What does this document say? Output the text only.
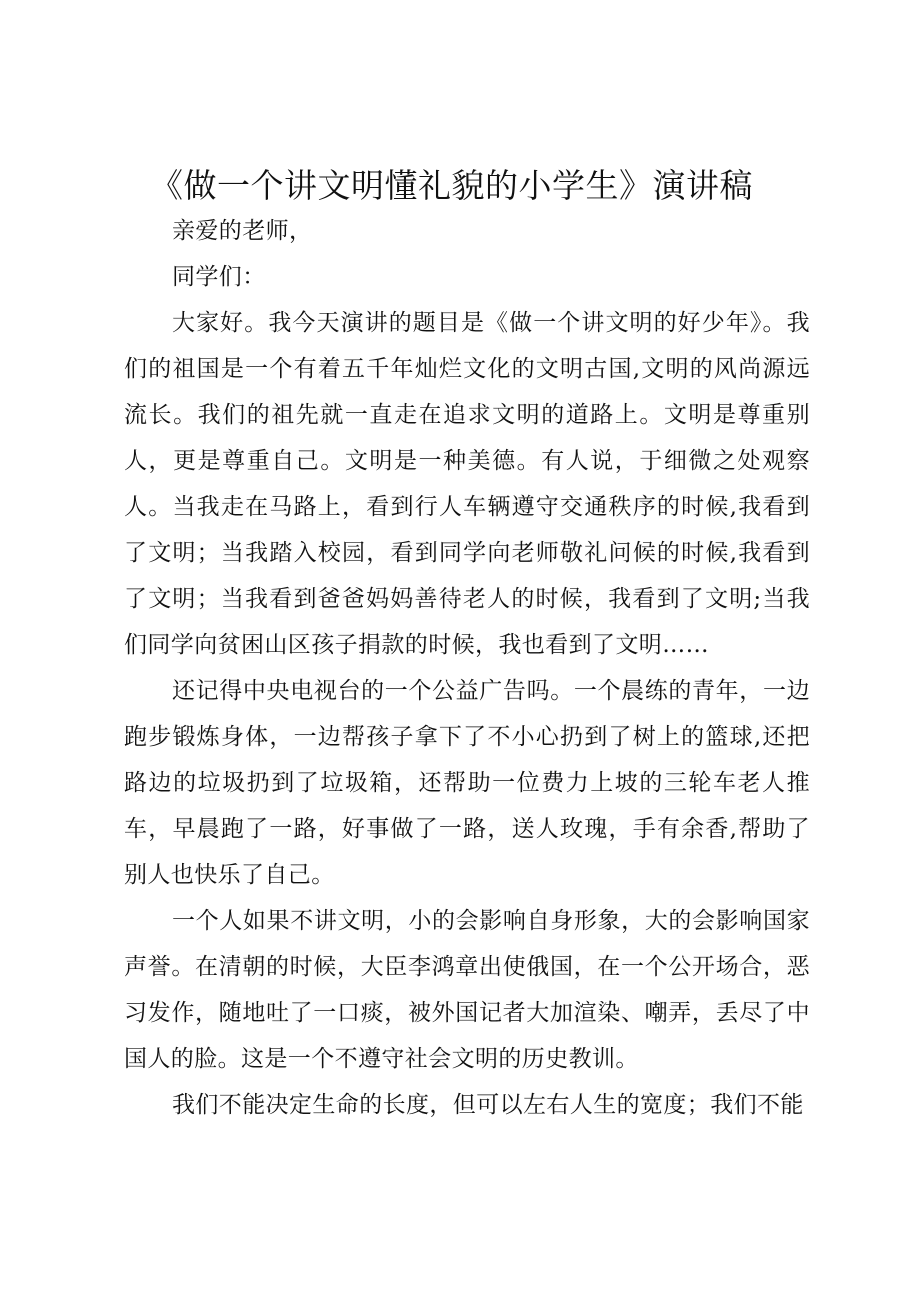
《做一个讲文明懂礼貌的小学生》演讲稿

亲爱的老师，

同学们：

大家好。我今天演讲的题目是《做一个讲文明的好少年》。我们的祖国是一个有着五千年灿烂文化的文明古国,文明的风尚源远流长。我们的祖先就一直走在追求文明的道路上。文明是尊重别人，更是尊重自己。文明是一种美德。有人说，于细微之处观察人。当我走在马路上，看到行人车辆遵守交通秩序的时候,我看到了文明；当我踏入校园，看到同学向老师敬礼问候的时候,我看到了文明；当我看到爸爸妈妈善待老人的时候，我看到了文明;当我们同学向贫困山区孩子捐款的时候，我也看到了文明……

还记得中央电视台的一个公益广告吗。一个晨练的青年，一边跑步锻炼身体，一边帮孩子拿下了不小心扔到了树上的篮球,还把路边的垃圾扔到了垃圾箱，还帮助一位费力上坡的三轮车老人推车，早晨跑了一路，好事做了一路，送人玫瑰，手有余香,帮助了别人也快乐了自己。

一个人如果不讲文明，小的会影响自身形象，大的会影响国家声誉。在清朝的时候，大臣李鸿章出使俄国，在一个公开场合，恶习发作，随地吐了一口痰，被外国记者大加渲染、嘲弄，丢尽了中国人的脸。这是一个不遵守社会文明的历史教训。

我们不能决定生命的长度，但可以左右人生的宽度；我们不能
